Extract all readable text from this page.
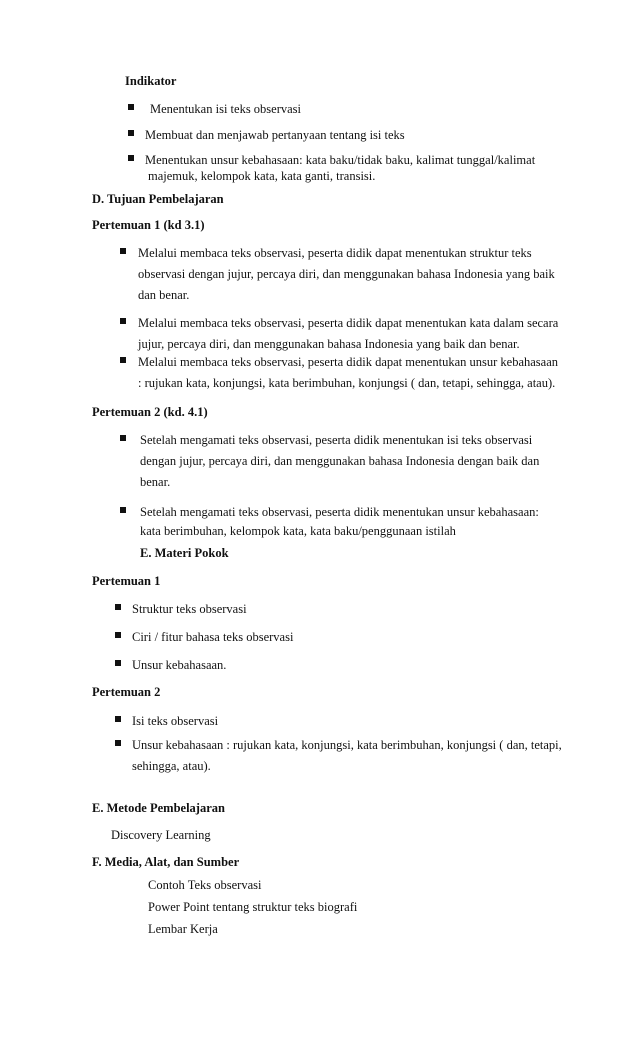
Indikator
Menentukan isi teks observasi
Membuat dan menjawab pertanyaan tentang isi teks
Menentukan unsur kebahasaan: kata baku/tidak baku, kalimat tunggal/kalimat
majemuk, kelompok kata, kata ganti, transisi.
D. Tujuan Pembelajaran
Pertemuan 1 (kd 3.1)
Melalui membaca teks observasi, peserta didik dapat menentukan struktur teks
observasi dengan jujur, percaya diri, dan menggunakan bahasa Indonesia yang baik
dan benar.
Melalui membaca teks observasi, peserta didik dapat menentukan kata dalam secara
jujur, percaya diri, dan menggunakan bahasa Indonesia yang baik dan benar.
Melalui membaca teks observasi, peserta didik dapat menentukan unsur kebahasaan
: rujukan kata, konjungsi, kata berimbuhan, konjungsi ( dan, tetapi, sehingga, atau).
Pertemuan 2 (kd. 4.1)
Setelah mengamati teks observasi, peserta didik menentukan isi teks observasi
dengan jujur, percaya diri, dan menggunakan bahasa Indonesia dengan baik dan
benar.
Setelah mengamati teks observasi, peserta didik menentukan unsur kebahasaan:
kata berimbuhan, kelompok kata, kata baku/penggunaan istilah
E. Materi Pokok
Pertemuan 1
Struktur teks observasi
Ciri / fitur bahasa teks observasi
Unsur kebahasaan.
Pertemuan 2
Isi teks observasi
Unsur kebahasaan : rujukan kata, konjungsi, kata berimbuhan, konjungsi ( dan, tetapi,
sehingga, atau).
E. Metode Pembelajaran
Discovery Learning
F. Media, Alat, dan Sumber
Contoh Teks observasi
Power Point tentang struktur teks biografi
Lembar Kerja
